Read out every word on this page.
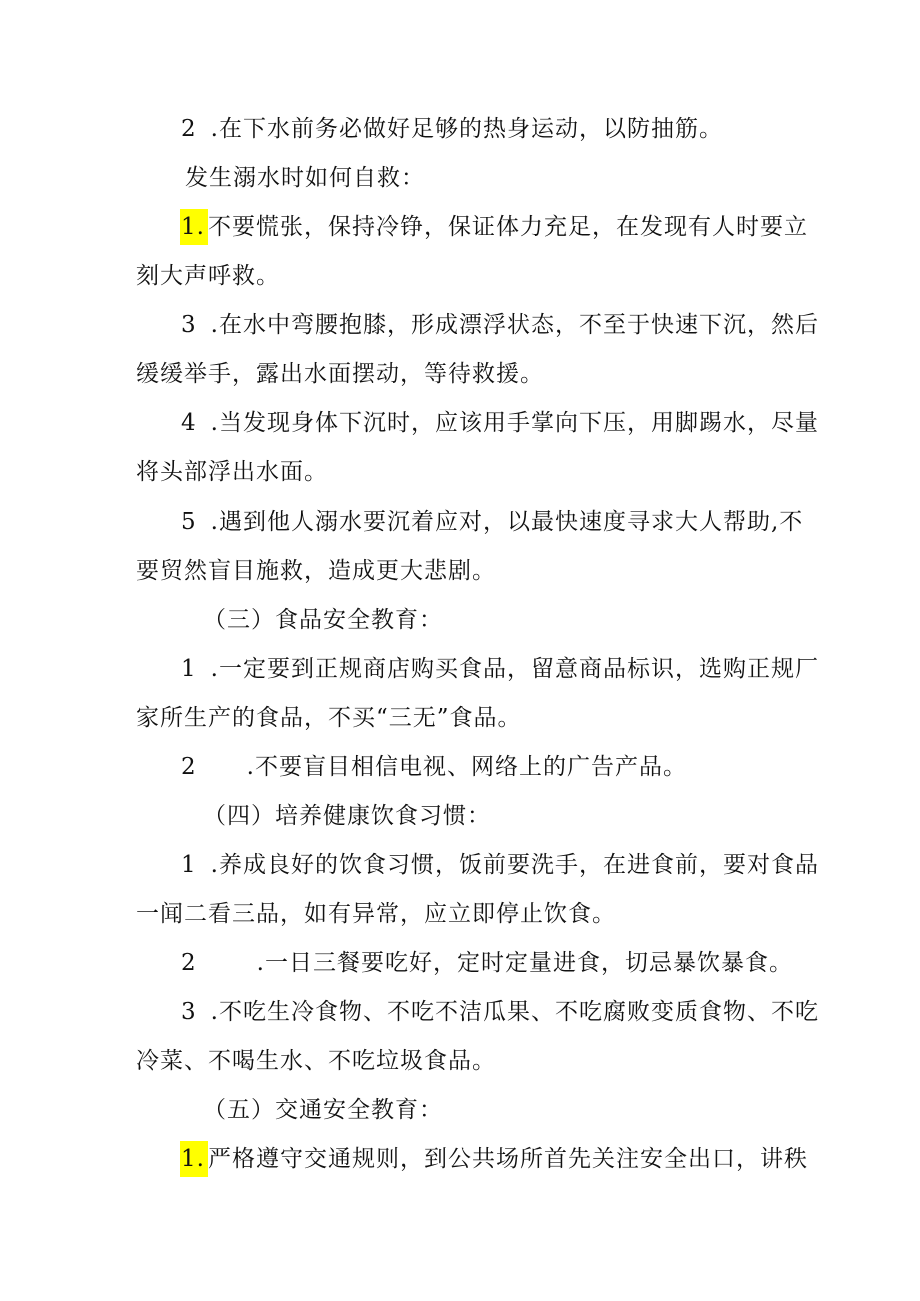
2 .在下水前务必做好足够的热身运动，以防抽筋。
发生溺水时如何自救：
1. 不要慌张，保持冷铮，保证体力充足，在发现有人时要立
刻大声呼救。
3 .在水中弯腰抱膝，形成漂浮状态，不至于快速下沉，然后
缓缓举手，露出水面摆动，等待救援。
4 .当发现身体下沉时，应该用手掌向下压，用脚踢水，尽量
将头部浮出水面。
5 .遇到他人溺水要沉着应对，以最快速度寻求大人帮助,不
要贸然盲目施救，造成更大悲剧。
（三）食品安全教育：
1 .一定要到正规商店购买食品，留意商品标识，选购正规厂
家所生产的食品，不买“三无”食品。
2 .不要盲目相信电视、网络上的广告产品。
（四）培养健康饮食习惯：
1 .养成良好的饮食习惯，饭前要洗手，在进食前，要对食品
一闻二看三品，如有异常，应立即停止饮食。
2	.一日三餐要吃好，定时定量进食，切忌暴饮暴食。
3 .不吃生冷食物、不吃不洁瓜果、不吃腐败变质食物、不吃
冷菜、不喝生水、不吃垃圾食品。
（五）交通安全教育：
1. 严格遵守交通规则，到公共场所首先关注安全出口，讲秩
